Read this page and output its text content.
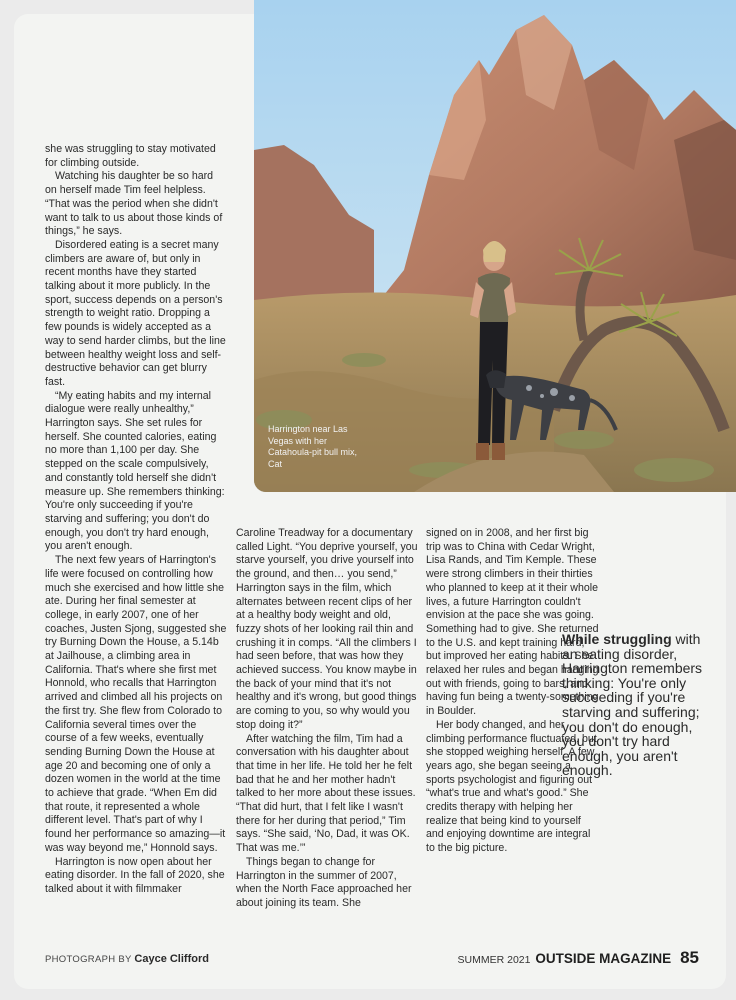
Harrington near Las Vegas with her Catahoula-pit bull mix, Cat

she was struggling to stay motivated for climbing outside.

Watching his daughter be so hard on herself made Tim feel helpless. “That was the period when she didn't want to talk to us about those kinds of things,” he says.

Disordered eating is a secret many climbers are aware of, but only in recent months have they started talking about it more publicly. In the sport, success depends on a person's strength to weight ratio. Dropping a few pounds is widely accepted as a way to send harder climbs, but the line between healthy weight loss and self-destructive behavior can get blurry fast.

“My eating habits and my internal dialogue were really unhealthy,” Harrington says. She set rules for herself. She counted calories, eating no more than 1,100 per day. She stepped on the scale compulsively, and constantly told herself she didn't measure up. She remembers thinking: You're only succeeding if you're starving and suffering; you don't do enough, you don't try hard enough, you aren't enough.

The next few years of Harrington's life were focused on controlling how much she exercised and how little she ate. During her final semester at college, in early 2007, one of her coaches, Justen Sjong, suggested she try Burning Down the House, a 5.14b at Jailhouse, a climbing area in California. That's where she first met Honnold, who recalls that Harrington arrived and climbed all his projects on the first try. She flew from Colorado to California several times over the course of a few weeks, eventually sending Burning Down the House at age 20 and becoming one of only a dozen women in the world at the time to achieve that grade. “When Em did that route, it represented a whole different level. That's part of why I found her performance so amazing—it was way beyond me,” Honnold says.

Harrington is now open about her eating disorder. In the fall of 2020, she talked about it with filmmaker

Caroline Treadway for a documentary called Light. “You deprive yourself, you starve yourself, you drive yourself into the ground, and then… you send,” Harrington says in the film, which alternates between recent clips of her at a healthy body weight and old, fuzzy shots of her looking rail thin and crushing it in comps. “All the climbers I had seen before, that was how they achieved success. You know maybe in the back of your mind that it's not healthy and it's wrong, but good things are coming to you, so why would you stop doing it?”

After watching the film, Tim had a conversation with his daughter about that time in her life. He told her he felt bad that he and her mother hadn't talked to her more about these issues. “That did hurt, that I felt like I wasn't there for her during that period,” Tim says. “She said, ‘No, Dad, it was OK. That was me.’”

Things began to change for Harrington in the summer of 2007, when the North Face approached her about joining its team. She

signed on in 2008, and her first big trip was to China with Cedar Wright, Lisa Rands, and Tim Kemple. These were strong climbers in their thirties who planned to keep at it their whole lives, a future Harrington couldn't envision at the pace she was going. Something had to give. She returned to the U.S. and kept training hard, but improved her eating habits. She relaxed her rules and began hanging out with friends, going to bars, and having fun being a twenty-something in Boulder.

Her body changed, and her climbing performance fluctuated, but she stopped weighing herself. A few years ago, she began seeing a sports psychologist and figuring out “what's true and what's good.” She credits therapy with helping her realize that being kind to yourself and enjoying downtime are integral to the big picture.

While struggling with an eating disorder, Harrington remembers thinking: You're only succeeding if you're starving and suffering; you don't do enough, you don't try hard enough, you aren't enough.
PHOTOGRAPH BY Cayce Clifford	SUMMER 2021 OUTSIDE MAGAZINE 85
